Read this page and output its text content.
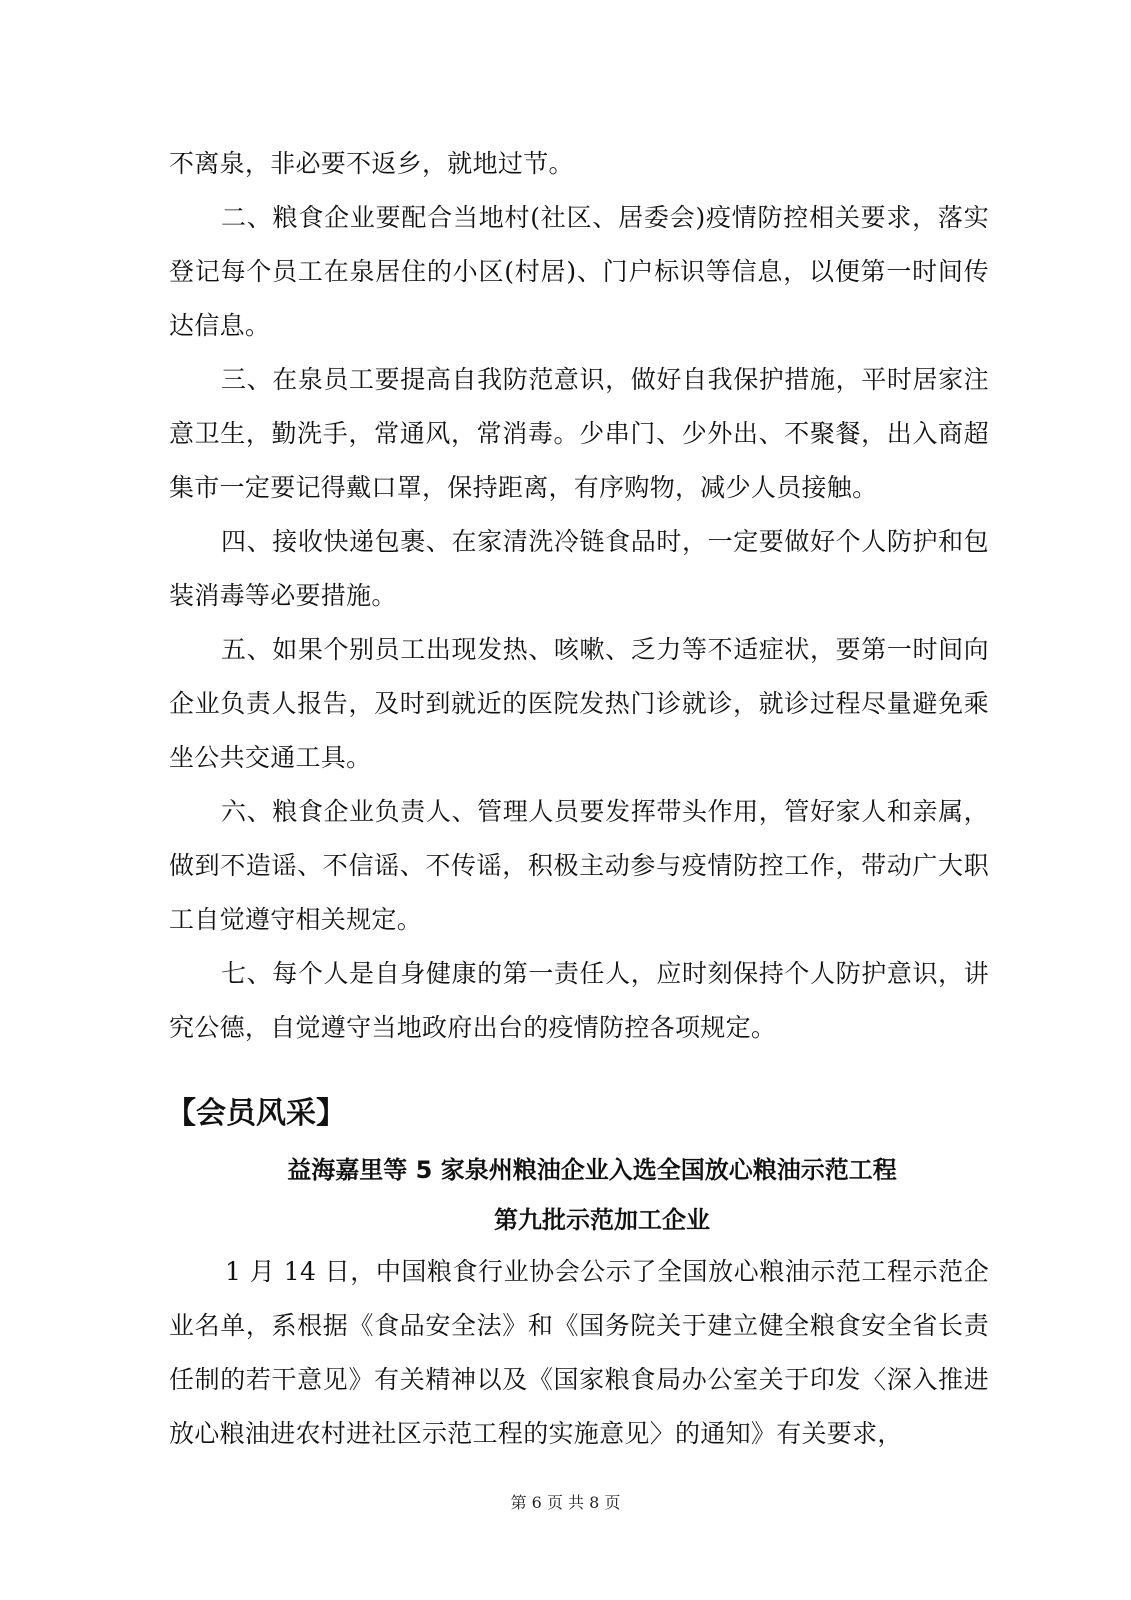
不离泉，非必要不返乡，就地过节。

二、粮食企业要配合当地村(社区、居委会)疫情防控相关要求，落实登记每个员工在泉居住的小区(村居)、门户标识等信息，以便第一时间传达信息。

三、在泉员工要提高自我防范意识，做好自我保护措施，平时居家注意卫生，勤洗手，常通风，常消毒。少串门、少外出、不聚餐，出入商超集市一定要记得戴口罩，保持距离，有序购物，减少人员接触。

四、接收快递包裹、在家清洗冷链食品时，一定要做好个人防护和包装消毒等必要措施。

五、如果个别员工出现发热、咳嗽、乏力等不适症状，要第一时间向企业负责人报告，及时到就近的医院发热门诊就诊，就诊过程尽量避免乘坐公共交通工具。

六、粮食企业负责人、管理人员要发挥带头作用，管好家人和亲属，做到不造谣、不信谣、不传谣，积极主动参与疫情防控工作，带动广大职工自觉遵守相关规定。

七、每个人是自身健康的第一责任人，应时刻保持个人防护意识，讲究公德，自觉遵守当地政府出台的疫情防控各项规定。

【会员风采】

益海嘉里等 5 家泉州粮油企业入选全国放心粮油示范工程

第九批示范加工企业

1 月 14 日，中国粮食行业协会公示了全国放心粮油示范工程示范企业名单，系根据《食品安全法》和《国务院关于建立健全粮食安全省长责任制的若干意见》有关精神以及《国家粮食局办公室关于印发〈深入推进放心粮油进农村进社区示范工程的实施意见〉的通知》有关要求，

第 6 页 共 8 页
